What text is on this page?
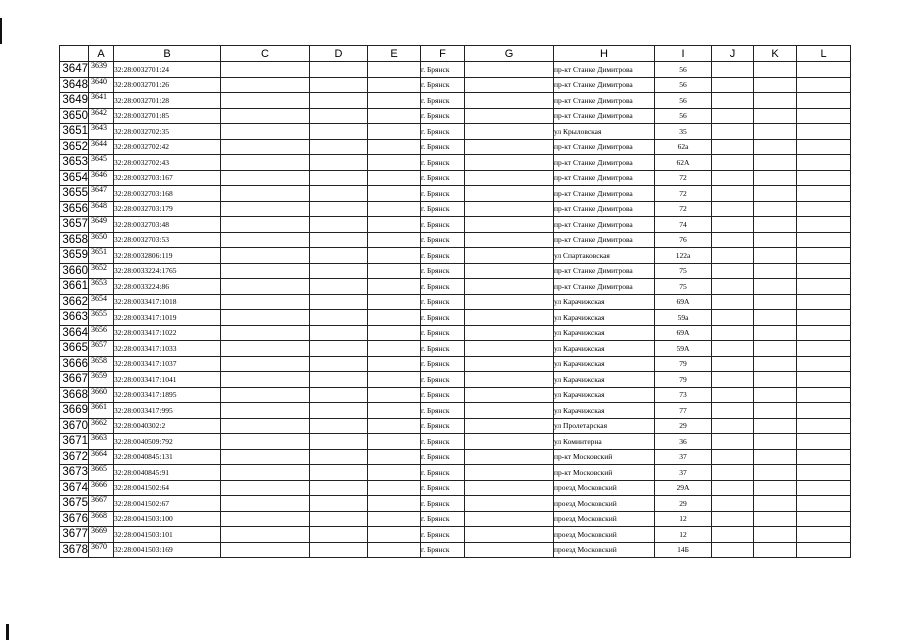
	A	B	C	D	E	F	G	H	I	J	K	L
3647	3639	32:28:0032701:24				г. Брянск		пр-кт Станке Димитрова	56			
3648	3640	32:28:0032701:26				г. Брянск		пр-кт Станке Димитрова	56			
3649	3641	32:28:0032701:28				г. Брянск		пр-кт Станке Димитрова	56			
3650	3642	32:28:0032701:85				г. Брянск		пр-кт Станке Димитрова	56			
3651	3643	32:28:0032702:35				г. Брянск		ул Крыловская	35			
3652	3644	32:28:0032702:42				г. Брянск		пр-кт Станке Димитрова	62а			
3653	3645	32:28:0032702:43				г. Брянск		пр-кт Станке Димитрова	62А			
3654	3646	32:28:0032703:167				г. Брянск		пр-кт Станке Димитрова	72			
3655	3647	32:28:0032703:168				г. Брянск		пр-кт Станке Димитрова	72			
3656	3648	32:28:0032703:179				г. Брянск		пр-кт Станке Димитрова	72			
3657	3649	32:28:0032703:48				г. Брянск		пр-кт Станке Димитрова	74			
3658	3650	32:28:0032703:53				г. Брянск		пр-кт Станке Димитрова	76			
3659	3651	32:28:0032806:119				г. Брянск		ул Спартаковская	122а			
3660	3652	32:28:0033224:1765				г. Брянск		пр-кт Станке Димитрова	75			
3661	3653	32:28:0033224:86				г. Брянск		пр-кт Станке Димитрова	75			
3662	3654	32:28:0033417:1018				г. Брянск		ул Карачижская	69А			
3663	3655	32:28:0033417:1019				г. Брянск		ул Карачижская	59а			
3664	3656	32:28:0033417:1022				г. Брянск		ул Карачижская	69А			
3665	3657	32:28:0033417:1033				г. Брянск		ул Карачижская	59А			
3666	3658	32:28:0033417:1037				г. Брянск		ул Карачижская	79			
3667	3659	32:28:0033417:1041				г. Брянск		ул Карачижская	79			
3668	3660	32:28:0033417:1895				г. Брянск		ул Карачижская	73			
3669	3661	32:28:0033417:995				г. Брянск		ул Карачижская	77			
3670	3662	32:28:0040302:2				г. Брянск		ул Пролетарская	29			
3671	3663	32:28:0040509:792				г. Брянск		ул Коминтерна	36			
3672	3664	32:28:0040845:131				г. Брянск		пр-кт Московский	37			
3673	3665	32:28:0040845:91				г. Брянск		пр-кт Московский	37			
3674	3666	32:28:0041502:64				г. Брянск		проезд Московский	29А			
3675	3667	32:28:0041502:67				г. Брянск		проезд Московский	29			
3676	3668	32:28:0041503:100				г. Брянск		проезд Московский	12			
3677	3669	32:28:0041503:101				г. Брянск		проезд Московский	12			
3678	3670	32:28:0041503:169				г. Брянск		проезд Московский	14Б			
